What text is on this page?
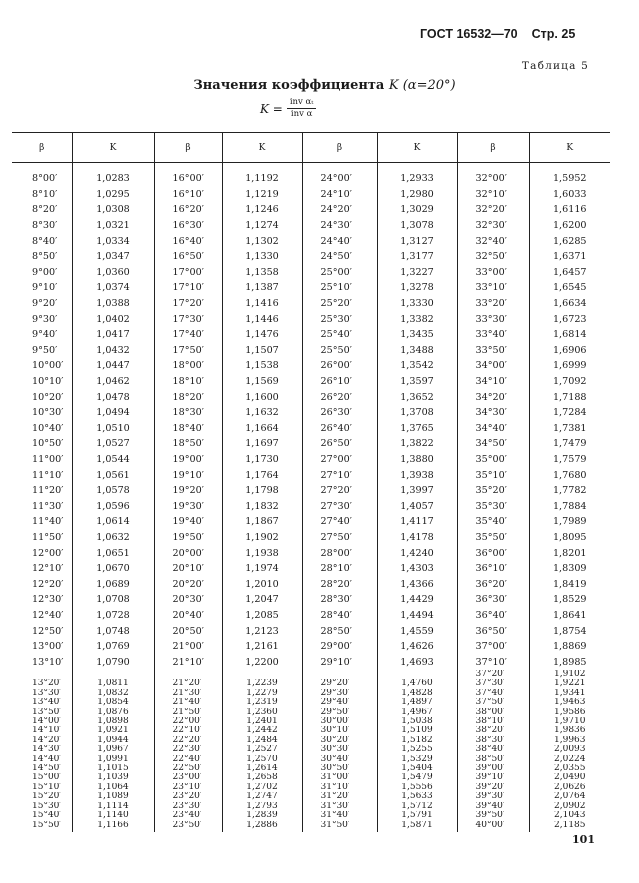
ГОСТ 16532—70 Стр. 25
Таблица 5
Значения коэффициента K (α=20°)
$K = \frac{\text{inv αₜ}}{\text{inv α}}$
β	K	β	K	β	K	β	K
8°00′	1,0283	16°00′	1,1192	24°00′	1,2933	32°00′	1,5952
8°10′	1,0295	16°10′	1,1219	24°10′	1,2980	32°10′	1,6033
8°20′	1,0308	16°20′	1,1246	24°20′	1,3029	32°20′	1,6116
8°30′	1,0321	16°30′	1,1274	24°30′	1,3078	32°30′	1,6200
8°40′	1,0334	16°40′	1,1302	24°40′	1,3127	32°40′	1,6285
8°50′	1,0347	16°50′	1,1330	24°50′	1,3177	32°50′	1,6371
9°00′	1,0360	17°00′	1,1358	25°00′	1,3227	33°00′	1,6457
9°10′	1,0374	17°10′	1,1387	25°10′	1,3278	33°10′	1,6545
9°20′	1,0388	17°20′	1,1416	25°20′	1,3330	33°20′	1,6634
9°30′	1,0402	17°30′	1,1446	25°30′	1,3382	33°30′	1,6723
9°40′	1,0417	17°40′	1,1476	25°40′	1,3435	33°40′	1,6814
9°50′	1,0432	17°50′	1,1507	25°50′	1,3488	33°50′	1,6906
10°00′	1,0447	18°00′	1,1538	26°00′	1,3542	34°00′	1,6999
10°10′	1,0462	18°10′	1,1569	26°10′	1,3597	34°10′	1,7092
10°20′	1,0478	18°20′	1,1600	26°20′	1,3652	34°20′	1,7188
10°30′	1,0494	18°30′	1,1632	26°30′	1,3708	34°30′	1,7284
10°40′	1,0510	18°40′	1,1664	26°40′	1,3765	34°40′	1,7381
10°50′	1,0527	18°50′	1,1697	26°50′	1,3822	34°50′	1,7479
11°00′	1,0544	19°00′	1,1730	27°00′	1,3880	35°00′	1,7579
11°10′	1,0561	19°10′	1,1764	27°10′	1,3938	35°10′	1,7680
11°20′	1,0578	19°20′	1,1798	27°20′	1,3997	35°20′	1,7782
11°30′	1,0596	19°30′	1,1832	27°30′	1,4057	35°30′	1,7884
11°40′	1,0614	19°40′	1,1867	27°40′	1,4117	35°40′	1,7989
11°50′	1,0632	19°50′	1,1902	27°50′	1,4178	35°50′	1,8095
12°00′	1,0651	20°00′	1,1938	28°00′	1,4240	36°00′	1,8201
12°10′	1,0670	20°10′	1,1974	28°10′	1,4303	36°10′	1,8309
12°20′	1,0689	20°20′	1,2010	28°20′	1,4366	36°20′	1,8419
12°30′	1,0708	20°30′	1,2047	28°30′	1,4429	36°30′	1,8529
12°40′	1,0728	20°40′	1,2085	28°40′	1,4494	36°40′	1,8641
12°50′	1,0748	20°50′	1,2123	28°50′	1,4559	36°50′	1,8754
13°00′	1,0769	21°00′	1,2161	29°00′	1,4626	37°00′	1,8869
13°10′	1,0790	21°10′	1,2200	29°10′	1,4693	37°10′	1,8985
						37°20′	1,9102
13°20′	1,0811	21°20′	1,2239	29°20′	1,4760	37°30′	1,9221
13°30′	1,0832	21°30′	1,2279	29°30′	1,4828	37°40′	1,9341
13°40′	1,0854	21°40′	1,2319	29°40′	1,4897	37°50′	1,9463
13°50′	1,0876	21°50′	1,2360	29°50′	1,4967	38°00′	1,9586
14°00′	1,0898	22°00′	1,2401	30°00′	1,5038	38°10′	1,9710
14°10′	1,0921	22°10′	1,2442	30°10′	1,5109	38°20′	1,9836
14°20′	1,0944	22°20′	1,2484	30°20′	1,5182	38°30′	1,9963
14°30′	1,0967	22°30′	1,2527	30°30′	1,5255	38°40′	2,0093
14°40′	1,0991	22°40′	1,2570	30°40′	1,5329	38°50′	2,0224
14°50′	1,1015	22°50′	1,2614	30°50′	1,5404	39°00′	2,0355
15°00′	1,1039	23°00′	1,2658	31°00′	1,5479	39°10′	2,0490
15°10′	1,1064	23°10′	1,2702	31°10′	1,5556	39°20′	2,0626
15°20′	1,1089	23°20′	1,2747	31°20′	1,5633	39°30′	2,0764
15°30′	1,1114	23°30′	1,2793	31°30′	1,5712	39°40′	2,0902
15°40′	1,1140	23°40′	1,2839	31°40′	1,5791	39°50′	2,1043
15°50′	1,1166	23°50′	1,2886	31°50′	1,5871	40°00′	2,1185
101
